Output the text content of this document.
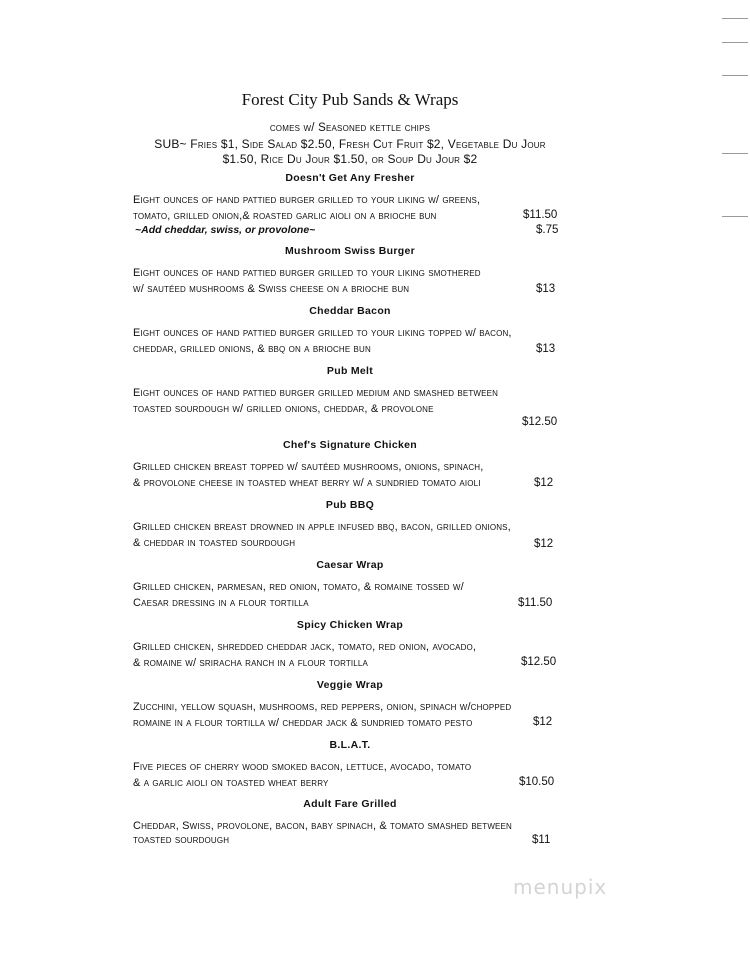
Forest City Pub Sands & Wraps
comes w/ Seasoned kettle chips
SUB~ Fries $1, Side Salad $2.50, Fresh Cut Fruit $2, Vegetable Du Jour
$1.50, Rice Du Jour $1.50, or Soup Du Jour $2
Doesn't Get Any Fresher
Eight ounces of hand pattied burger grilled to your liking w/ greens,
tomato, grilled onion,& roasted garlic aioli on a brioche bun	$11.50
~Add cheddar, swiss, or provolone~	$.75
Mushroom Swiss Burger
Eight ounces of hand pattied burger grilled to your liking smothered
w/ sautéed mushrooms & Swiss cheese on a brioche bun	$13
Cheddar Bacon
Eight ounces of hand pattied burger grilled to your liking topped w/ bacon,
cheddar, grilled onions, & bbq on a brioche bun	$13
Pub Melt
Eight ounces of hand pattied burger grilled medium and smashed between
toasted sourdough w/ grilled onions, cheddar, & provolone
$12.50
Chef's Signature Chicken
Grilled chicken breast topped w/ sautéed mushrooms, onions, spinach,
& provolone cheese in toasted wheat berry w/ a sundried tomato aioli	$12
Pub BBQ
Grilled chicken breast drowned in apple infused bbq, bacon, grilled onions,
& cheddar in toasted sourdough	$12
Caesar Wrap
Grilled chicken, parmesan, red onion, tomato, & romaine tossed w/
Caesar dressing in a flour tortilla	$11.50
Spicy Chicken Wrap
Grilled chicken, shredded cheddar jack, tomato, red onion, avocado,
& romaine w/ sriracha ranch in a flour tortilla	$12.50
Veggie Wrap
Zucchini, yellow squash, mushrooms, red peppers, onion, spinach w/chopped
romaine in a flour tortilla w/ cheddar jack & sundried tomato pesto	$12
B.L.A.T.
Five pieces of cherry wood smoked bacon, lettuce, avocado, tomato
& a garlic aioli on toasted wheat berry	$10.50
Adult Fare Grilled
Cheddar, Swiss, provolone, bacon, baby spinach, & tomato smashed between
toasted sourdough	$11
menupix
